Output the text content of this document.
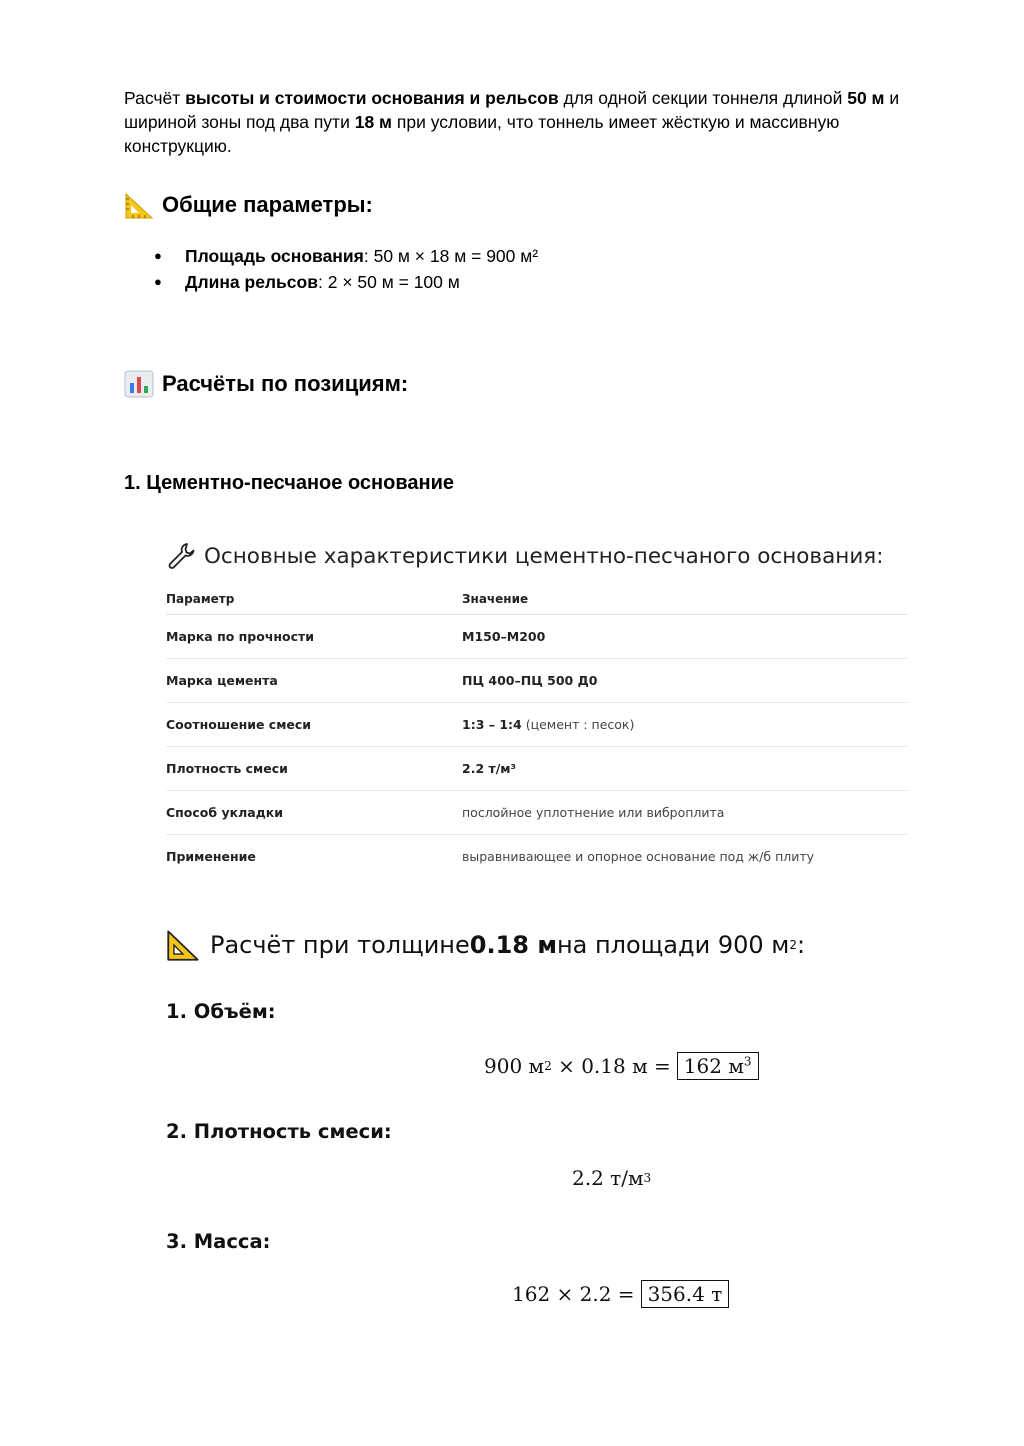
Расчёт высоты и стоимости основания и рельсов для одной секции тоннеля длиной 50 м и шириной зоны под два пути 18 м при условии, что тоннель имеет жёсткую и массивную конструкцию.
Общие параметры:
● Площадь основания: 50 м × 18 м = 900 м²
● Длина рельсов: 2 × 50 м = 100 м
Расчёты по позициям:
1. Цементно-песчаное основание
Основные характеристики цементно-песчаного основания:
Параметр	Значение
Марка по прочности	М150–М200
Марка цемента	ПЦ 400–ПЦ 500 Д0
Соотношение смеси	1:3 – 1:4 (цемент : песок)
Плотность смеси	2.2 т/м³
Способ укладки	послойное уплотнение или виброплита
Применение	выравнивающее и опорное основание под ж/б плиту
Расчёт при толщине 0.18 м на площади 900 м 2 :
1. Объём:
900 м 2 × 0.18 м = 162 $м^3$
2. Плотность смеси:
2.2 т/м 3
3. Масса:
162 × 2.2 = 356.4 т
